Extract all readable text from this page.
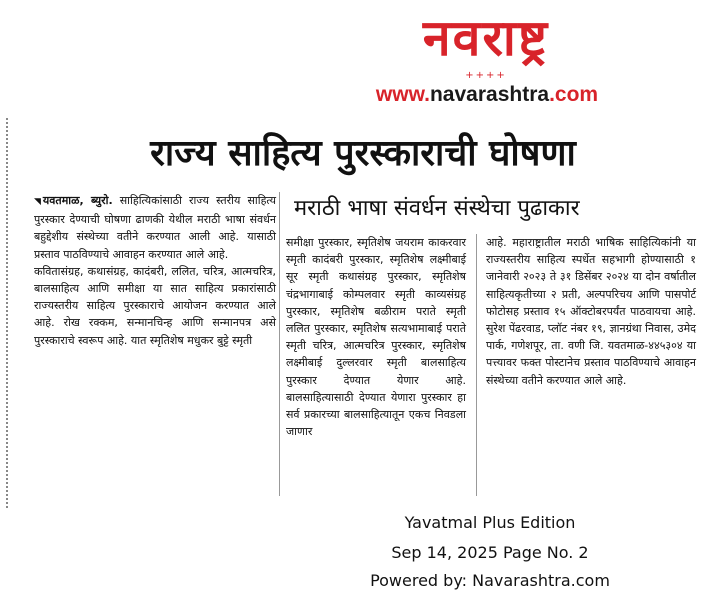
नवराष्ट्र
++++
www.navarashtra.com
राज्य साहित्य पुरस्काराची घोषणा
मराठी भाषा संवर्धन संस्थेचा पुढाकार

◥ यवतमाळ, ब्युरो. साहित्यिकांसाठी राज्य स्तरीय साहित्य पुरस्कार देण्याची घोषणा ढाणकी येथील मराठी भाषा संवर्धन बहुद्देशीय संस्थेच्या वतीने करण्यात आली आहे. यासाठी प्रस्ताव पाठविण्याचे आवाहन करण्यात आले आहे.

कवितासंग्रह, कथासंग्रह, कादंबरी, ललित, चरित्र, आत्मचरित्र, बालसाहित्य आणि समीक्षा या सात साहित्य प्रकारांसाठी राज्यस्तरीय साहित्य पुरस्काराचे आयोजन करण्यात आले आहे. रोख रक्कम, सन्मानचिन्ह आणि सन्मानपत्र असे पुरस्काराचे स्वरूप आहे. यात स्मृतिशेष मधुकर बुट्टे स्मृती

समीक्षा पुरस्कार, स्मृतिशेष जयराम काकरवार स्मृती कादंबरी पुरस्कार, स्मृतिशेष लक्ष्मीबाई सूर स्मृती कथासंग्रह पुरस्कार, स्मृतिशेष चंद्रभागाबाई कोम्पलवार स्मृती काव्यसंग्रह पुरस्कार, स्मृतिशेष बळीराम पराते स्मृती ललित पुरस्कार, स्मृतिशेष सत्यभामाबाई पराते स्मृती चरित्र, आत्मचरित्र पुरस्कार, स्मृतिशेष लक्ष्मीबाई दुल्लरवार स्मृती बालसाहित्य पुरस्कार देण्यात येणार आहे. बालसाहित्यासाठी देण्यात येणारा पुरस्कार हा सर्व प्रकारच्या बालसाहित्यातून एकच निवडला जाणार

आहे. महाराष्ट्रातील मराठी भाषिक साहित्यिकांनी या राज्यस्तरीय साहित्य स्पर्धेत सहभागी होण्यासाठी १ जानेवारी २०२३ ते ३१ डिसेंबर २०२४ या दोन वर्षातील साहित्यकृतीच्या २ प्रती, अल्पपरिचय आणि पासपोर्ट फोटोसह प्रस्ताव १५ ऑक्टोबरपर्यंत पाठवायचा आहे. सुरेश पेंढरवाड, प्लॉट नंबर १९, ज्ञानग्रंथा निवास, उमेद पार्क, गणेशपूर, ता. वणी जि. यवतमाळ-४४५३०४ या पत्त्यावर फक्त पोस्टानेच प्रस्ताव पाठविण्याचे आवाहन संस्थेच्या वतीने करण्यात आले आहे.

Yavatmal Plus Edition
Sep 14, 2025 Page No. 2
Powered by: Navarashtra.com
